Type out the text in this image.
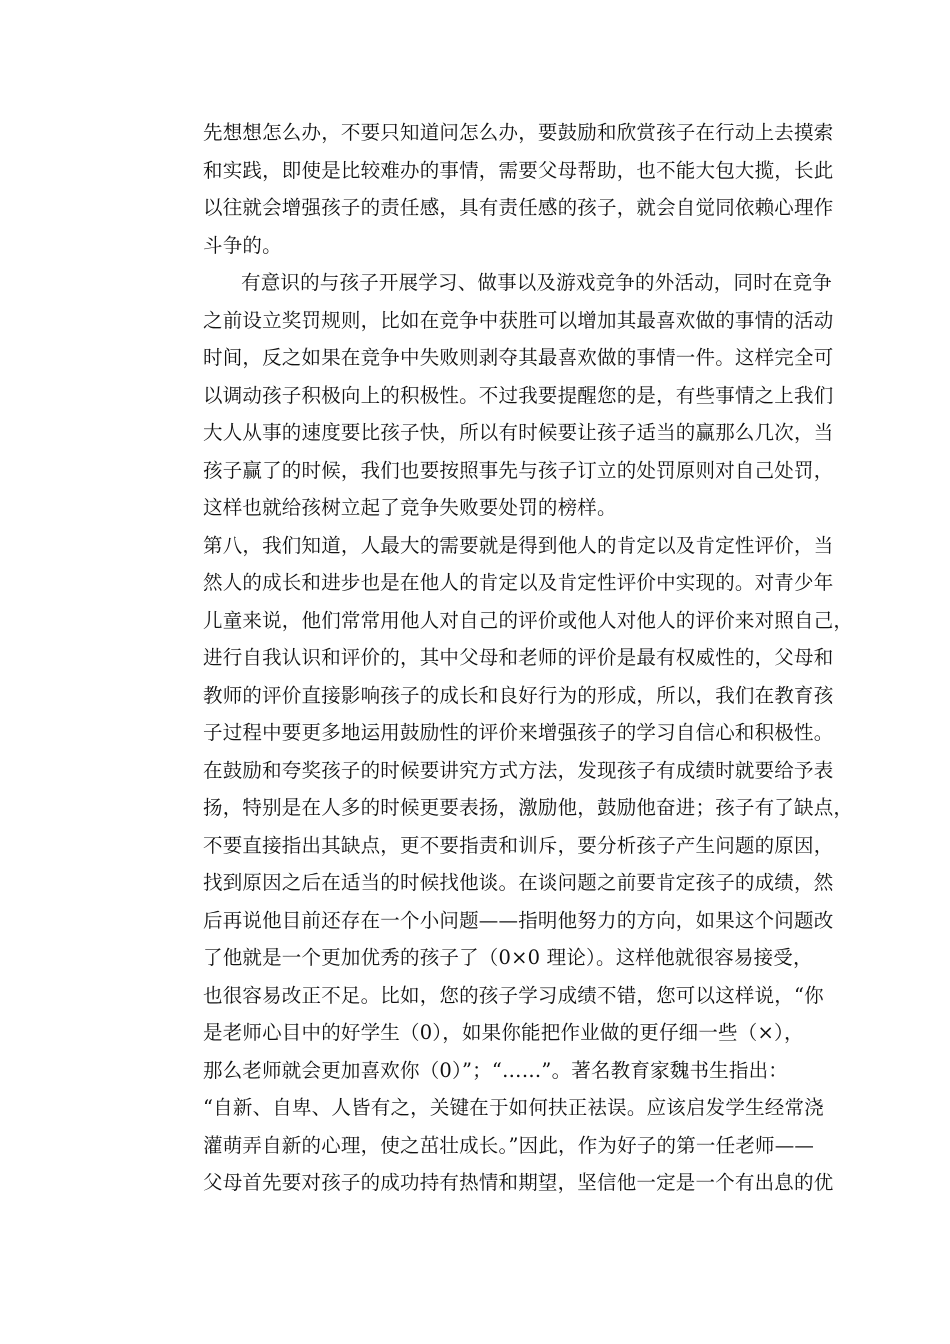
先想想怎么办，不要只知道问怎么办，要鼓励和欣赏孩子在行动上去摸索
和实践，即使是比较难办的事情，需要父母帮助，也不能大包大揽，长此
以往就会增强孩子的责任感，具有责任感的孩子，就会自觉同依赖心理作
斗争的。
有意识的与孩子开展学习、做事以及游戏竞争的外活动，同时在竞争
之前设立奖罚规则，比如在竞争中获胜可以增加其最喜欢做的事情的活动
时间，反之如果在竞争中失败则剥夺其最喜欢做的事情一件。这样完全可
以调动孩子积极向上的积极性。不过我要提醒您的是，有些事情之上我们
大人从事的速度要比孩子快，所以有时候要让孩子适当的赢那么几次，当
孩子赢了的时候，我们也要按照事先与孩子订立的处罚原则对自己处罚，
这样也就给孩树立起了竞争失败要处罚的榜样。
第八，我们知道，人最大的需要就是得到他人的肯定以及肯定性评价，当
然人的成长和进步也是在他人的肯定以及肯定性评价中实现的。对青少年
儿童来说，他们常常用他人对自己的评价或他人对他人的评价来对照自己，
进行自我认识和评价的，其中父母和老师的评价是最有权威性的，父母和
教师的评价直接影响孩子的成长和良好行为的形成，所以，我们在教育孩
子过程中要更多地运用鼓励性的评价来增强孩子的学习自信心和积极性。
在鼓励和夸奖孩子的时候要讲究方式方法，发现孩子有成绩时就要给予表
扬，特别是在人多的时候更要表扬，激励他，鼓励他奋进；孩子有了缺点，
不要直接指出其缺点，更不要指责和训斥，要分析孩子产生问题的原因，
找到原因之后在适当的时候找他谈。在谈问题之前要肯定孩子的成绩，然
后再说他目前还存在一个小问题——指明他努力的方向，如果这个问题改
了他就是一个更加优秀的孩子了（0×0 理论）。这样他就很容易接受，
也很容易改正不足。比如，您的孩子学习成绩不错，您可以这样说，“你
是老师心目中的好学生（0），如果你能把作业做的更仔细一些（×），
那么老师就会更加喜欢你（0）”；“……”。著名教育家魏书生指出：
“自新、自卑、人皆有之，关键在于如何扶正祛误。应该启发学生经常浇
灌萌弄自新的心理，使之茁壮成长。”因此，作为好子的第一任老师——
父母首先要对孩子的成功持有热情和期望，坚信他一定是一个有出息的优
